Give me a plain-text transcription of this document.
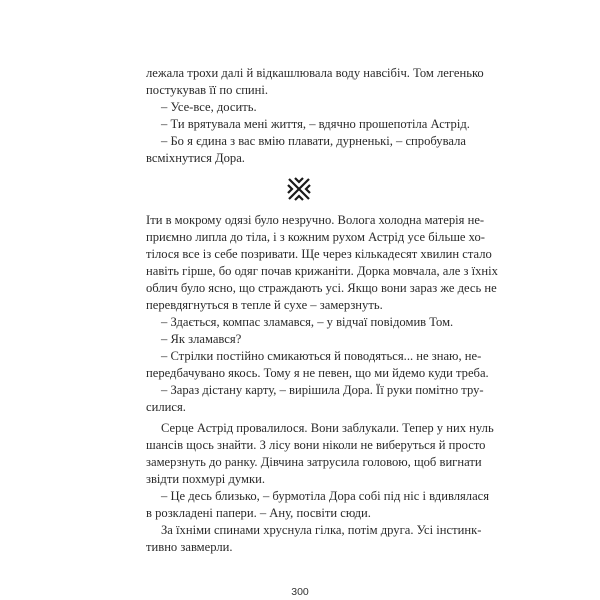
лежала трохи далі й відкашлювала воду навсібіч. Том легенько
постукував її по спині.
– Усе-все, досить.
– Ти врятувала мені життя, – вдячно прошепотіла Астрід.
– Бо я єдина з вас вмію плавати, дурненькі, – спробувала
всміхнутися Дора.
Іти в мокрому одязі було незручно. Волога холодна матерія не-
приємно липла до тіла, і з кожним рухом Астрід усе більше хо-
тілося все із себе позривати. Ще через кількадесят хвилин стало
навіть гірше, бо одяг почав крижаніти. Дорка мовчала, але з їхніх
облич було ясно, що страждають усі. Якщо вони зараз же десь не
перевдягнуться в тепле й сухе – замерзнуть.
– Здається, компас зламався, – у відчаї повідомив Том.
– Як зламався?
– Стрілки постійно смикаються й поводяться... не знаю, не-
передбачувано якось. Тому я не певен, що ми йдемо куди треба.
– Зараз дістану карту, – вирішила Дора. Її руки помітно тру-
силися.
Серце Астрід провалилося. Вони заблукали. Тепер у них нуль
шансів щось знайти. З лісу вони ніколи не виберуться й просто
замерзнуть до ранку. Дівчина затрусила головою, щоб вигнати
звідти похмурі думки.
– Це десь близько, – бурмотіла Дора собі під ніс і вдивлялася
в розкладені папери. – Ану, посвіти сюди.
За їхніми спинами хруснула гілка, потім друга. Усі інстинк-
тивно завмерли.
300
